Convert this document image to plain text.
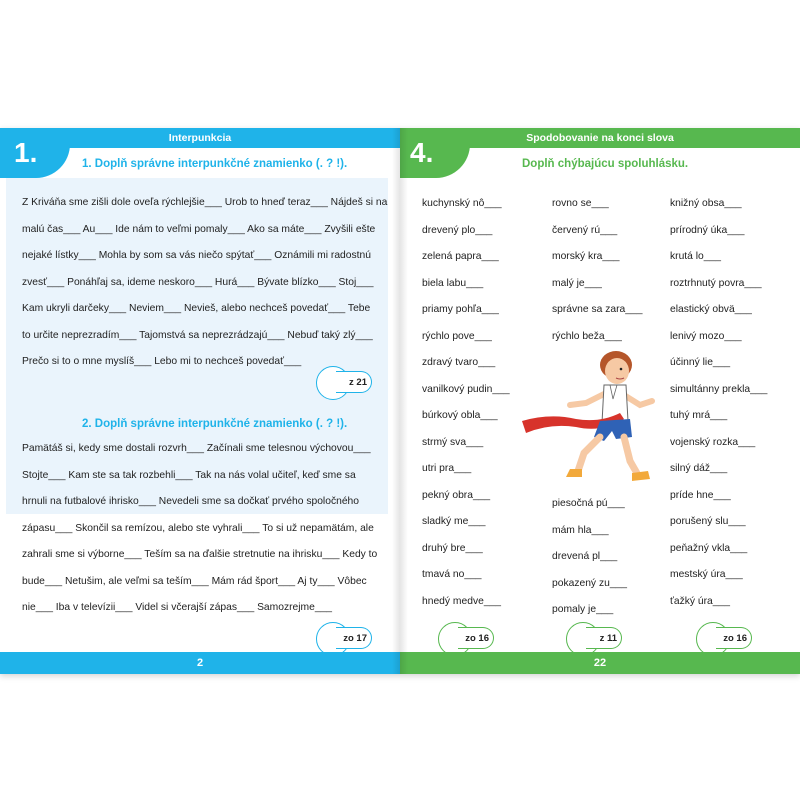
Interpunkcia
1.	1. Doplň správne interpunkčné znamienko (. ? !).
Z Kriváňa sme zišli dole oveľa rýchlejšie___ Urob to hneď teraz___ Nájdeš si na
malú čas___ Au___ Ide nám to veľmi pomaly___ Ako sa máte___ Zvyšili ešte
nejaké lístky___ Mohla by som sa vás niečo spýtať___ Oznámili mi radostnú
zvesť___ Ponáhľaj sa, ideme neskoro___ Hurá___ Bývate blízko___ Stoj___
Kam ukryli darčeky___ Neviem___ Nevieš, alebo nechceš povedať___ Tebe
to určite neprezradím___ Tajomstvá sa neprezrádzajú___ Nebuď taký zlý___
Prečo si to o mne myslíš___ Lebo mi to nechceš povedať___
z 21
2. Doplň správne interpunkčné znamienko (. ? !).
Pamätáš si, kedy sme dostali rozvrh___ Začínali sme telesnou výchovou___
Stojte___ Kam ste sa tak rozbehli___ Tak na nás volal učiteľ, keď sme sa
hrnuli na futbalové ihrisko___ Nevedeli sme sa dočkať prvého spoločného
zápasu___ Skončil sa remízou, alebo ste vyhrali___ To si už nepamätám, ale
zahrali sme si výborne___ Teším sa na ďalšie stretnutie na ihrisku___ Kedy to
bude___ Netušim, ale veľmi sa teším___ Mám rád šport___ Aj ty___ Vôbec
nie___ Iba v televízii___ Videl si včerajší zápas___ Samozrejme___
zo 17
2
Spodobovanie na konci slova
4.	Doplň chýbajúcu spoluhlásku.
kuchynský nô___
drevený plo___
zelená papra___
biela labu___
priamy pohľa___
rýchlo pove___
zdravý tvaro___
vanilkový pudin___
búrkový obla___
strmý sva___
utri pra___
pekný obra___
sladký me___
druhý bre___
tmavá no___
hnedý medve___
rovno se___
červený rú___
morský kra___
malý je___
správne sa zara___
rýchlo beža___
piesočná pú___
mám hla___
drevená pl___
pokazený zu___
pomaly je___
knižný obsa___
prírodný úka___
krutá lo___
roztrhnutý povra___
elastický obvä___
lenivý mozo___
účinný lie___
simultánny prekla___
tuhý mrá___
vojenský rozka___
silný dáž___
príde hne___
porušený slu___
peňažný vkla___
mestský úra___
ťažký úra___
zo 16	z 11	zo 16
22
